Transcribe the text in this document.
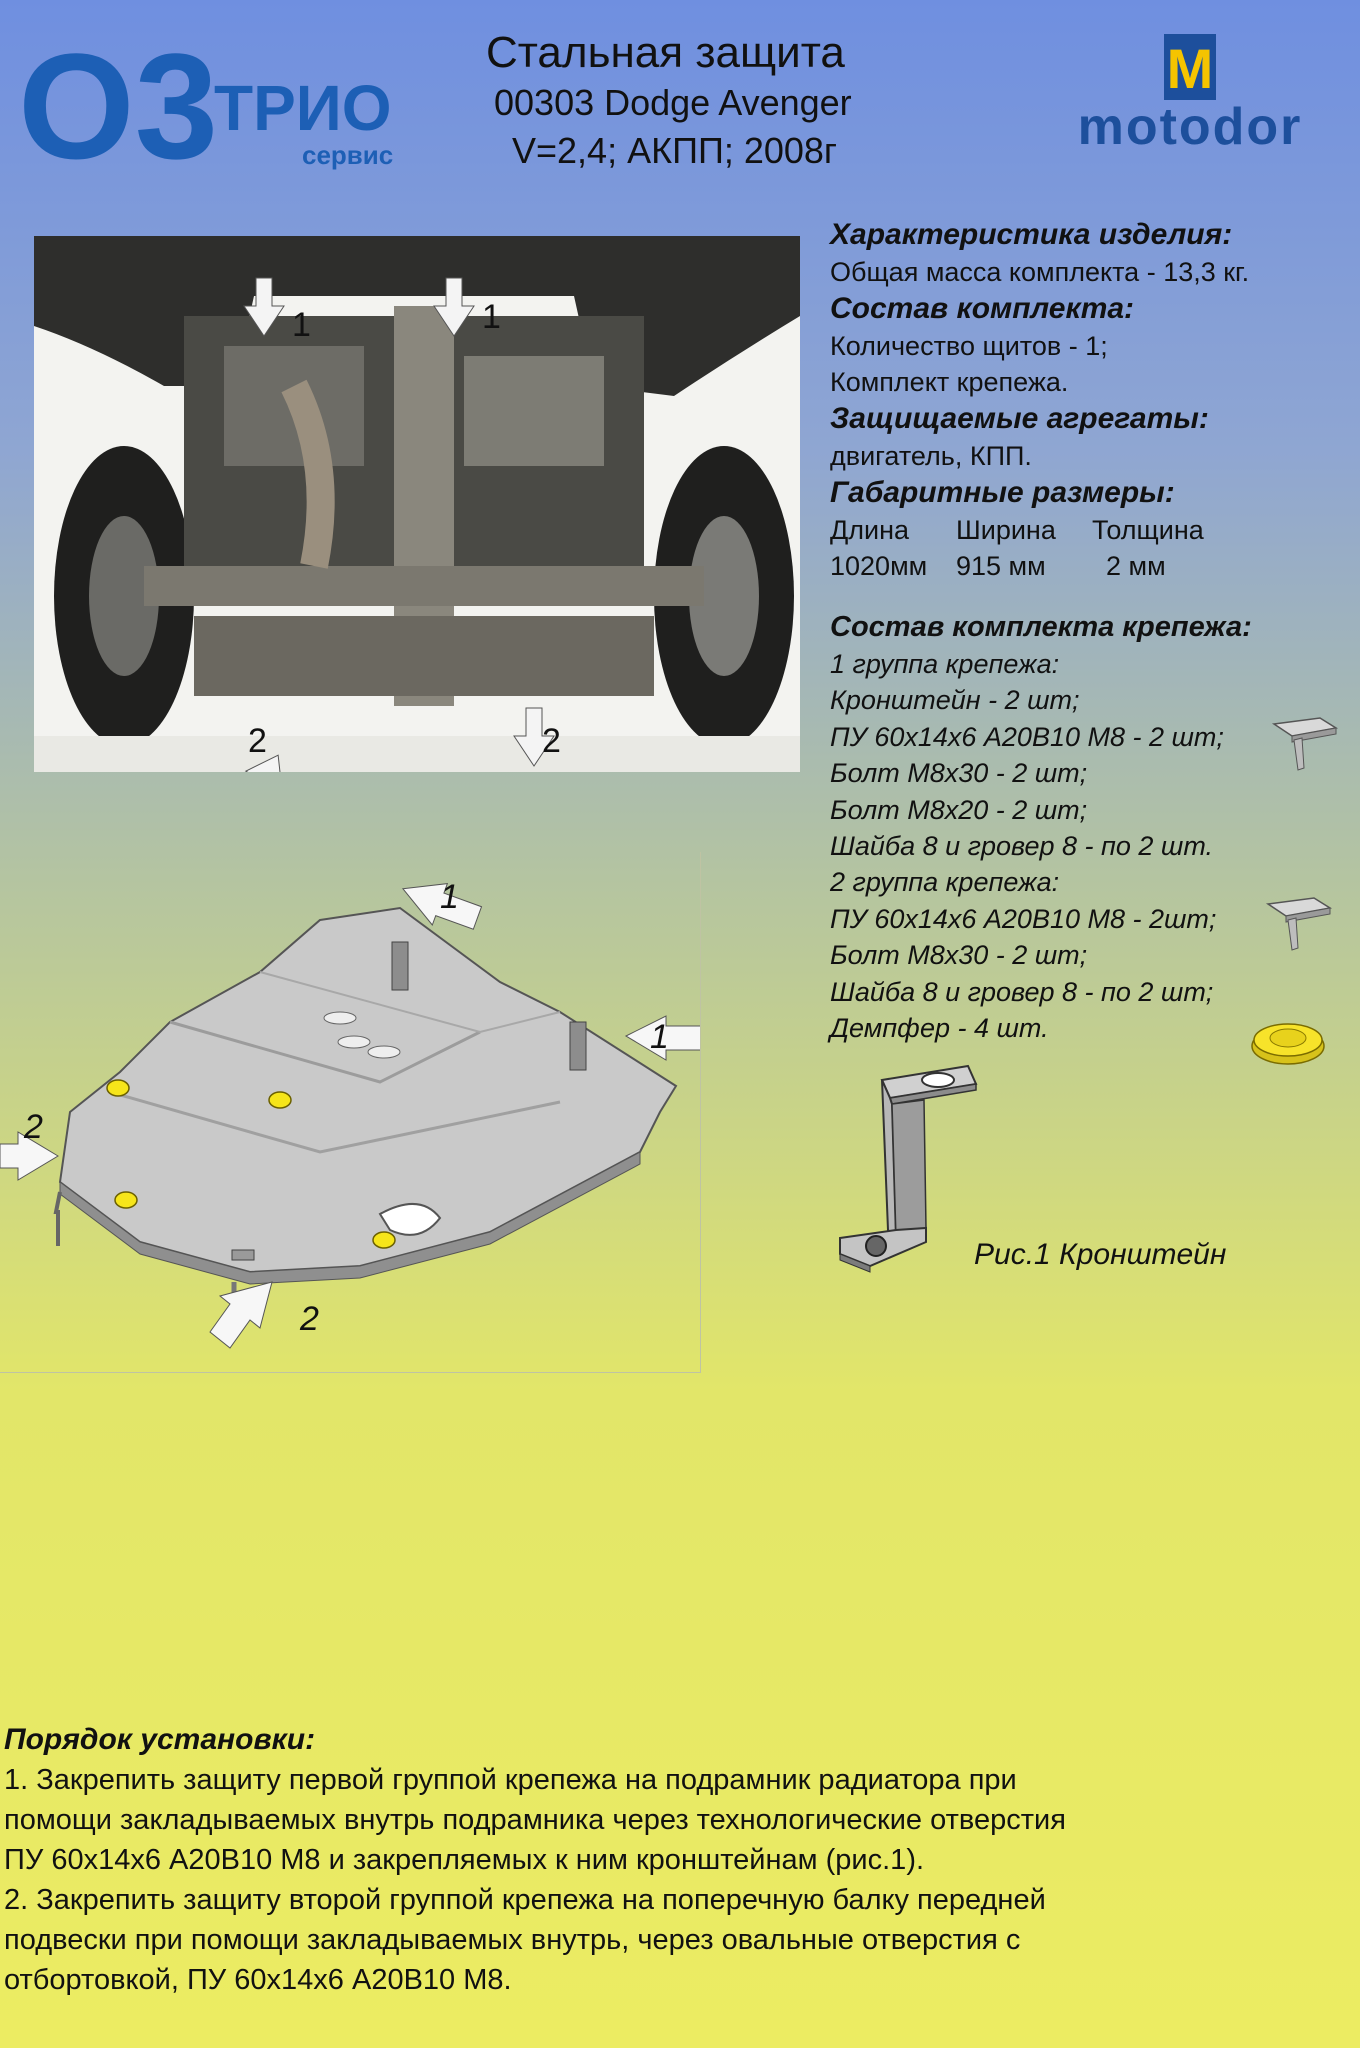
О3
ТРИО
сервис
Стальная защита
00303 Dodge Avenger
V=2,4; АКПП; 2008г
M
motodor
1	1
2	2
Характеристика изделия:
Общая масса комплекта - 13,3 кг.
Состав комплекта:
Количество щитов - 1;
Комплект крепежа.
Защищаемые агрегаты:
двигатель, КПП.
Габаритные размеры:
Длина	Ширина	Толщина
1020мм	915 мм	2 мм
Состав комплекта крепежа:
1 группа крепежа:
Кронштейн - 2 шт;
ПУ 60х14х6 А20В10 М8 - 2 шт;
Болт М8х30 - 2 шт;
Болт М8х20 - 2 шт;
Шайба 8 и гровер 8 - по 2 шт.
2 группа крепежа:
ПУ 60х14х6 А20В10 М8 - 2шт;
Болт М8х30 - 2 шт;
Шайба 8 и гровер 8 - по 2 шт;
Демпфер - 4 шт.
Рис.1 Кронштейн
1
1
2
2
Порядок установки:
1. Закрепить защиту первой группой крепежа на подрамник радиатора при
помощи закладываемых внутрь подрамника через технологические отверстия
ПУ 60х14х6 А20В10 М8 и закрепляемых к ним кронштейнам (рис.1).
2. Закрепить защиту второй группой крепежа на поперечную балку передней
подвески при помощи закладываемых внутрь, через овальные отверстия с
отбортовкой, ПУ 60х14х6 А20В10 М8.
